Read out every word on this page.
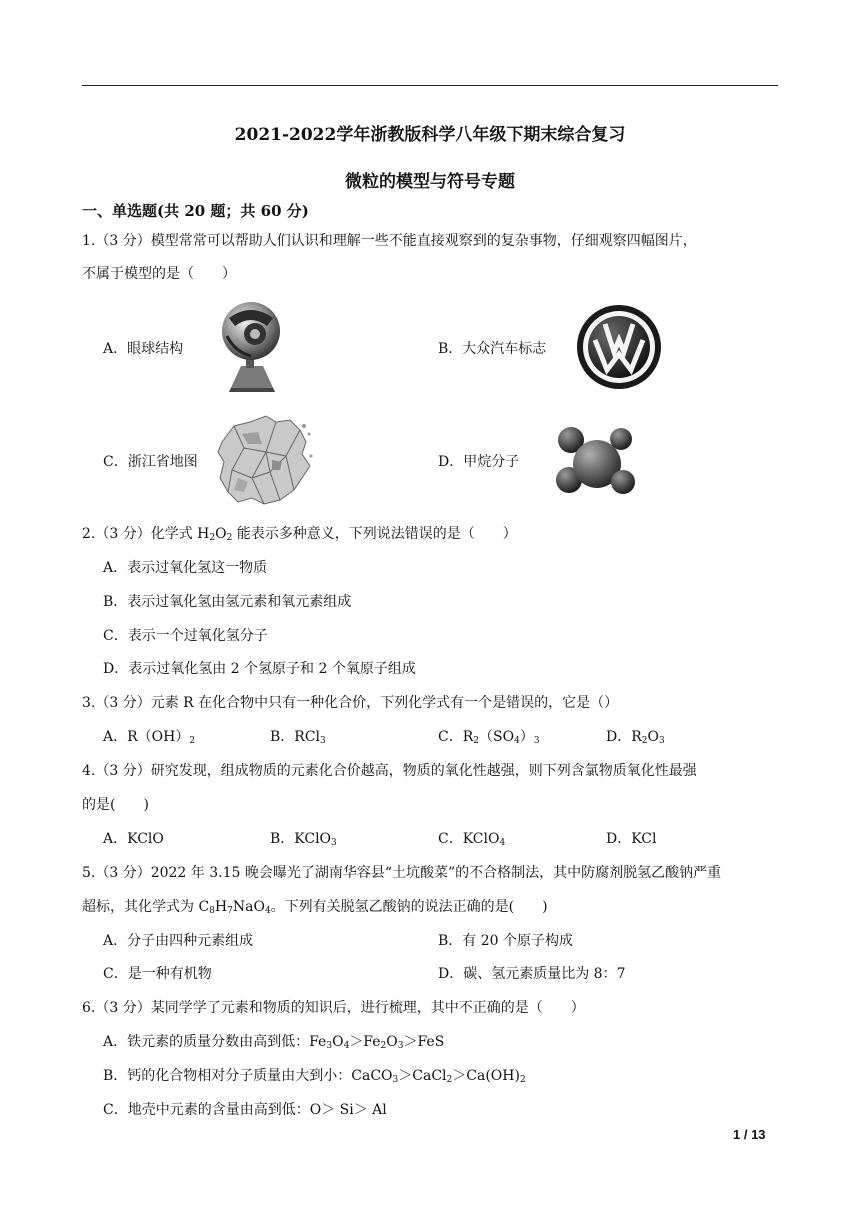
2021-2022学年浙教版科学八年级下期末综合复习
微粒的模型与符号专题
一、单选题(共 20 题；共 60 分)
1.（3 分）模型常常可以帮助人们认识和理解一些不能直接观察到的复杂事物，仔细观察四幅图片，
不属于模型的是（　　）
A．眼球结构	B．大众汽车标志
C．浙江省地图	D．甲烷分子
2.（3 分）化学式 $H_2O_2$ 能表示多种意义，下列说法错误的是（　　）
A．表示过氧化氢这一物质
B．表示过氧化氢由氢元素和氧元素组成
C．表示一个过氧化氢分子
D．表示过氧化氢由 2 个氢原子和 2 个氧原子组成
3.（3 分）元素 R 在化合物中只有一种化合价，下列化学式有一个是错误的，它是（）
A．$R(OH)_2$	B．RCl$_3$	C．$R_2(SO_4)_3$	D．$R_2O_3$
4.（3 分）研究发现，组成物质的元素化合价越高，物质的氧化性越强，则下列含氯物质氧化性最强
的是(　　)
A．KClO	B．KClO$_3$	C．KClO$_4$	D．KCl
5.（3 分）2022 年 3.15 晚会曝光了湖南华容县“土坑酸菜”的不合格制法，其中防腐剂脱氢乙酸钠严重
超标，其化学式为 $C_8H_7NaO_4$。下列有关脱氢乙酸钠的说法正确的是(　　)
A．分子由四种元素组成	B．有 20 个原子构成
C．是一种有机物	D．碳、氢元素质量比为 8：7
6.（3 分）某同学学了元素和物质的知识后，进行梳理，其中不正确的是（　　）
A．铁元素的质量分数由高到低：$Fe_3O_4>Fe_2O_3>FeS$
B．钙的化合物相对分子质量由大到小：$CaCO_3>CaCl_2>Ca(OH)_2$
C．地壳中元素的含量由高到低：O＞ Si＞ Al
1 / 13
